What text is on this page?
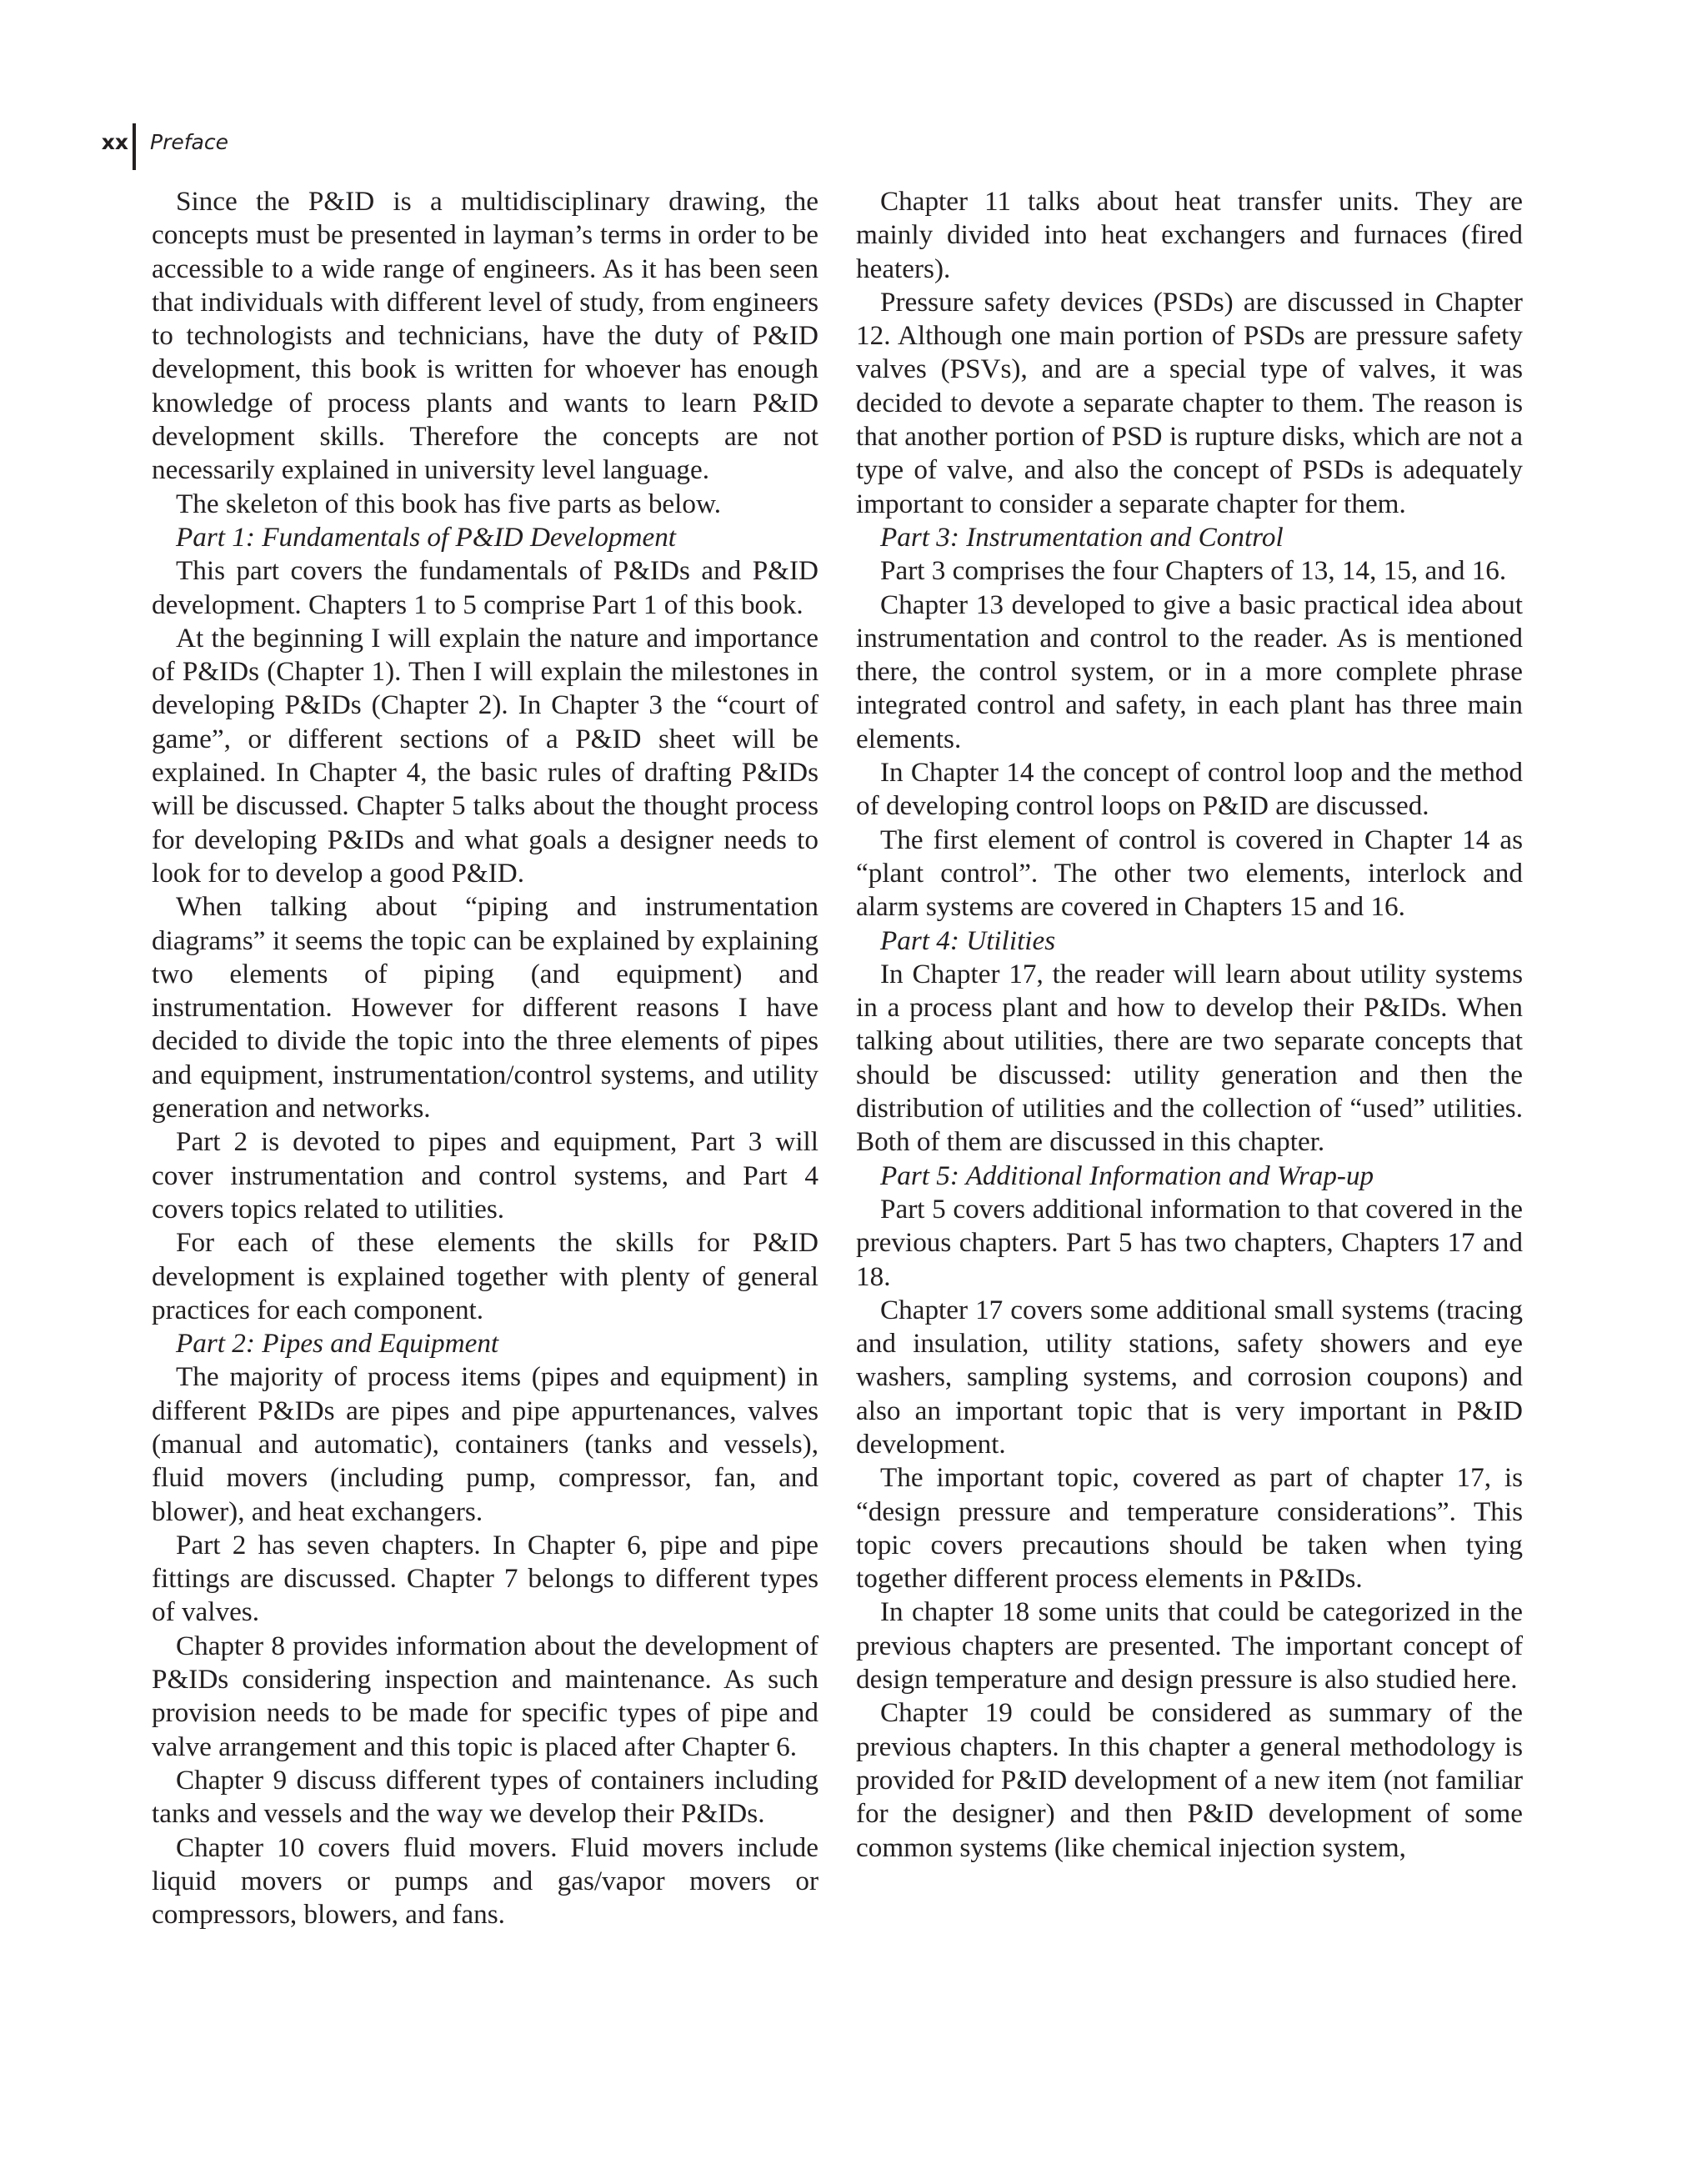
xx Preface

Since the P&ID is a multidisciplinary drawing, the concepts must be presented in layman’s terms in order to be accessible to a wide range of engineers. As it has been seen that individuals with different level of study, from engineers to technologists and technicians, have the duty of P&ID development, this book is written for whoever has enough knowledge of process plants and wants to learn P&ID development skills. Therefore the concepts are not necessarily explained in university level language.

The skeleton of this book has five parts as below.

Part 1: Fundamentals of P&ID Development

This part covers the fundamentals of P&IDs and P&ID development. Chapters 1 to 5 comprise Part 1 of this book.

At the beginning I will explain the nature and importance of P&IDs (Chapter 1). Then I will explain the milestones in developing P&IDs (Chapter 2). In Chapter 3 the “court of game”, or different sections of a P&ID sheet will be explained. In Chapter 4, the basic rules of drafting P&IDs will be discussed. Chapter 5 talks about the thought process for developing P&IDs and what goals a designer needs to look for to develop a good P&ID.

When talking about “piping and instrumentation diagrams” it seems the topic can be explained by explaining two elements of piping (and equipment) and instrumentation. However for different reasons I have decided to divide the topic into the three elements of pipes and equipment, instrumentation/control systems, and utility generation and networks.

Part 2 is devoted to pipes and equipment, Part 3 will cover instrumentation and control systems, and Part 4 covers topics related to utilities.

For each of these elements the skills for P&ID development is explained together with plenty of general practices for each component.

Part 2: Pipes and Equipment

The majority of process items (pipes and equipment) in different P&IDs are pipes and pipe appurtenances, valves (manual and automatic), containers (tanks and vessels), fluid movers (including pump, compressor, fan, and blower), and heat exchangers.

Part 2 has seven chapters. In Chapter 6, pipe and pipe fittings are discussed. Chapter 7 belongs to different types of valves.

Chapter 8 provides information about the development of P&IDs considering inspection and maintenance. As such provision needs to be made for specific types of pipe and valve arrangement and this topic is placed after Chapter 6.

Chapter 9 discuss different types of containers including tanks and vessels and the way we develop their P&IDs.

Chapter 10 covers fluid movers. Fluid movers include liquid movers or pumps and gas/vapor movers or compressors, blowers, and fans.

Chapter 11 talks about heat transfer units. They are mainly divided into heat exchangers and furnaces (fired heaters).

Pressure safety devices (PSDs) are discussed in Chapter 12. Although one main portion of PSDs are pressure safety valves (PSVs), and are a special type of valves, it was decided to devote a separate chapter to them. The reason is that another portion of PSD is rupture disks, which are not a type of valve, and also the concept of PSDs is adequately important to consider a separate chapter for them.

Part 3: Instrumentation and Control

Part 3 comprises the four Chapters of 13, 14, 15, and 16.

Chapter 13 developed to give a basic practical idea about instrumentation and control to the reader. As is mentioned there, the control system, or in a more complete phrase integrated control and safety, in each plant has three main elements.

In Chapter 14 the concept of control loop and the method of developing control loops on P&ID are discussed.

The first element of control is covered in Chapter 14 as “plant control”. The other two elements, interlock and alarm systems are covered in Chapters 15 and 16.

Part 4: Utilities

In Chapter 17, the reader will learn about utility systems in a process plant and how to develop their P&IDs. When talking about utilities, there are two separate concepts that should be discussed: utility generation and then the distribution of utilities and the collection of “used” utilities. Both of them are discussed in this chapter.

Part 5: Additional Information and Wrap-up

Part 5 covers additional information to that covered in the previous chapters. Part 5 has two chapters, Chapters 17 and 18.

Chapter 17 covers some additional small systems (tracing and insulation, utility stations, safety showers and eye washers, sampling systems, and corrosion coupons) and also an important topic that is very important in P&ID development.

The important topic, covered as part of chapter 17, is “design pressure and temperature considerations”. This topic covers precautions should be taken when tying together different process elements in P&IDs.

In chapter 18 some units that could be categorized in the previous chapters are presented. The important concept of design temperature and design pressure is also studied here.

Chapter 19 could be considered as summary of the previous chapters. In this chapter a general methodology is provided for P&ID development of a new item (not familiar for the designer) and then P&ID development of some common systems (like chemical injection system,
